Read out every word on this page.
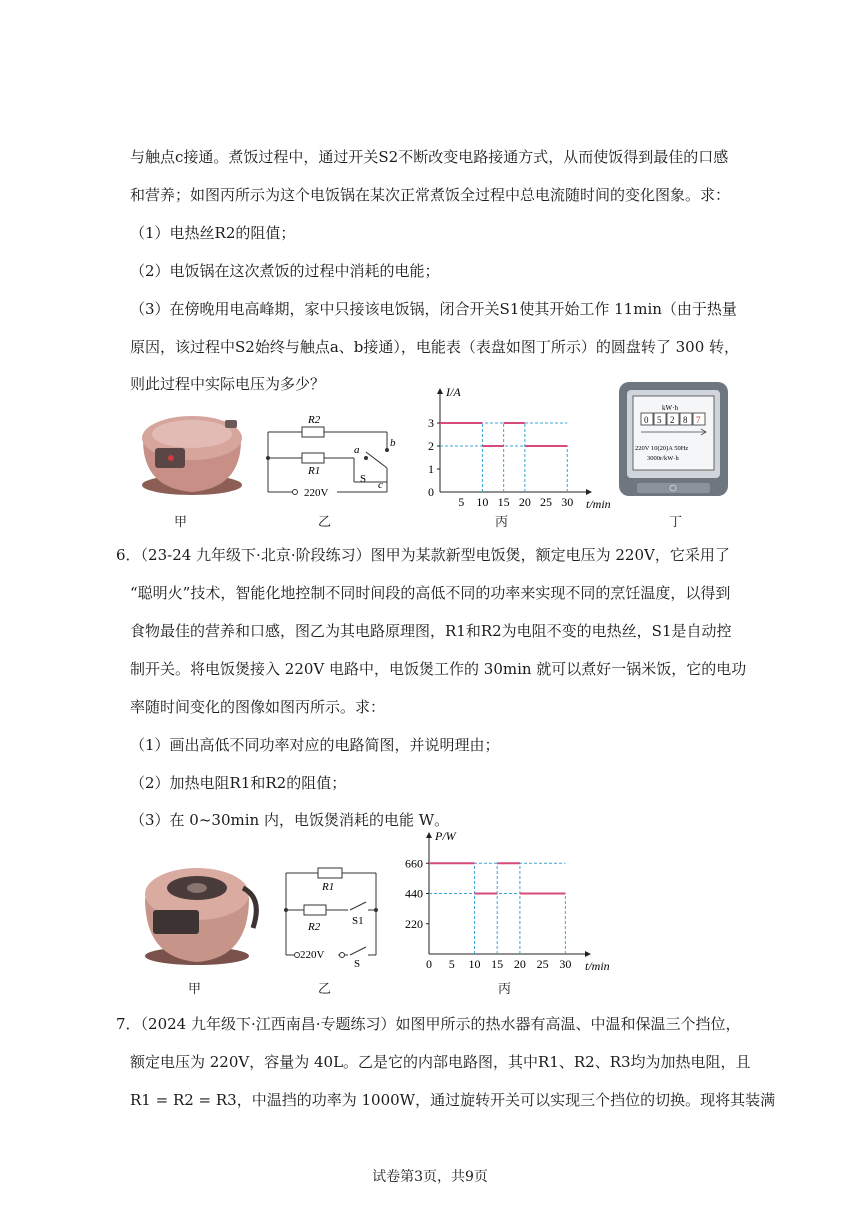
与触点c接通。煮饭过程中，通过开关S2不断改变电路接通方式，从而使饭得到最佳的口感
和营养；如图丙所示为这个电饭锅在某次正常煮饭全过程中总电流随时间的变化图象。求：
（1）电热丝R2的阻值；
（2）电饭锅在这次煮饭的过程中消耗的电能；
（3）在傍晚用电高峰期，家中只接该电饭锅，闭合开关S1使其开始工作 11min（由于热量
原因，该过程中S2始终与触点a、b接通），电能表（表盘如图丁所示）的圆盘转了 300 转，
则此过程中实际电压为多少？
R2
R1
a
b
c
S
220V
I/A
t/min
5 10 15 20 25 30
0
1
2
3
kW·h
0 5 2 8 7
220V 10(20)A 50Hz
3000r/kW·h
甲	乙	丙	丁
6．（23-24 九年级下·北京·阶段练习）图甲为某款新型电饭煲，额定电压为 220V，它采用了
“聪明火”技术，智能化地控制不同时间段的高低不同的功率来实现不同的烹饪温度，以得到
食物最佳的营养和口感，图乙为其电路原理图，R1和R2为电阻不变的电热丝，S1是自动控
制开关。将电饭煲接入 220V 电路中，电饭煲工作的 30min 就可以煮好一锅米饭，它的电功
率随时间变化的图像如图丙所示。求：
（1）画出高低不同功率对应的电路简图，并说明理由；
（2）加热电阻R1和R2的阻值；
（3）在 0~30min 内，电饭煲消耗的电能 W。
R1
R2	S1
220V
S
P/W
t/min
0 5 10 15 20 25 30
220
440
660
甲	乙	丙
7．（2024 九年级下·江西南昌·专题练习）如图甲所示的热水器有高温、中温和保温三个挡位，
额定电压为 220V，容量为 40L。乙是它的内部电路图，其中R1、R2、R3均为加热电阻，且
R1 = R2 = R3，中温挡的功率为 1000W，通过旋转开关可以实现三个挡位的切换。现将其装满
试卷第3页，共9页
